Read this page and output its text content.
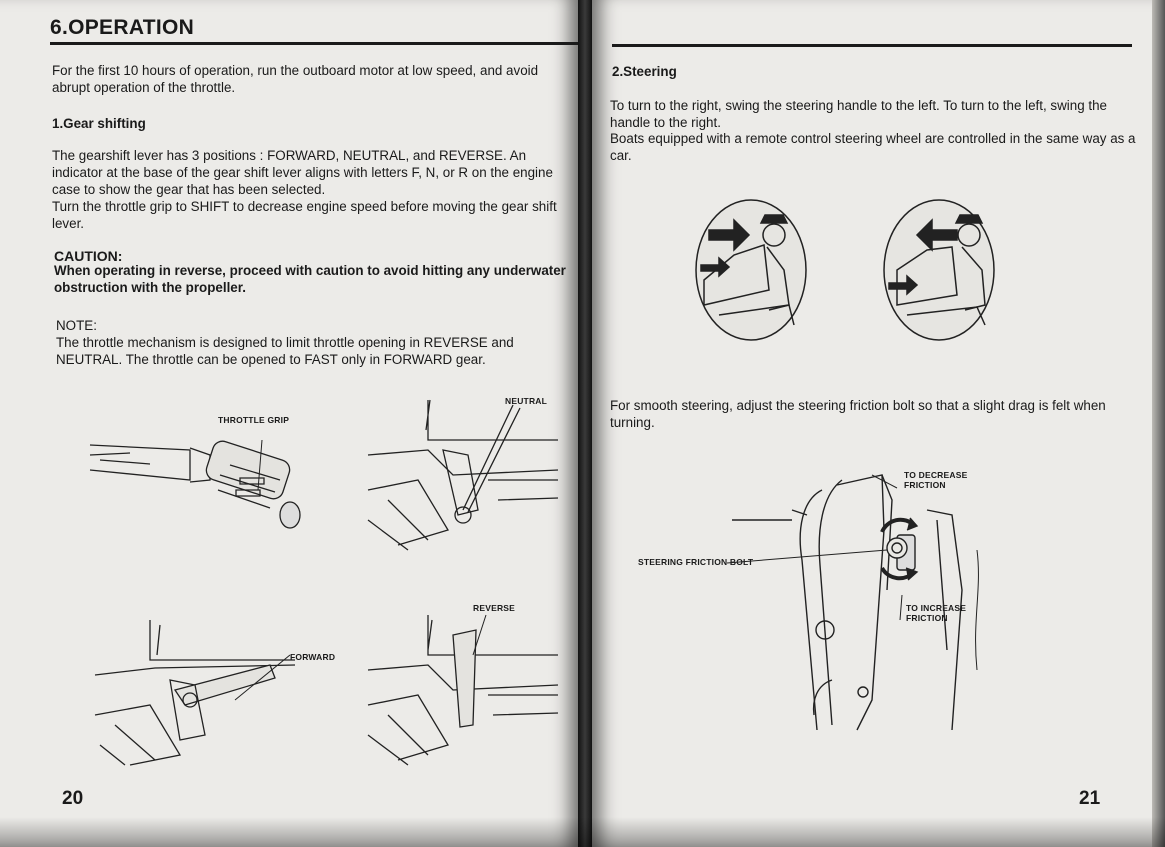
6.OPERATION
For the first 10 hours of operation, run the outboard motor at low speed, and avoid abrupt operation of the throttle.
1.Gear shifting
The gearshift lever has 3 positions : FORWARD, NEUTRAL, and REVERSE. An indicator at the base of the gear shift lever aligns with letters F, N, or R on the engine case to show the gear that has been selected.
Turn the throttle grip to SHIFT to decrease engine speed before moving the gear shift lever.
CAUTION:
When operating in reverse, proceed with caution to avoid hitting any underwater obstruction with the propeller.
NOTE:
The throttle mechanism is designed to limit throttle opening in REVERSE and NEUTRAL. The throttle can be opened to FAST only in FORWARD gear.
THROTTLE GRIP
NEUTRAL
FORWARD
REVERSE
20
2.Steering
To turn to the right, swing the steering handle to the left. To turn to the left, swing the handle to the right.
Boats equipped with a remote control steering wheel are controlled in the same way as a car.
For smooth steering, adjust the steering friction bolt so that a slight drag is felt when turning.
TO DECREASE FRICTION
STEERING FRICTION BOLT
TO INCREASE FRICTION
21
